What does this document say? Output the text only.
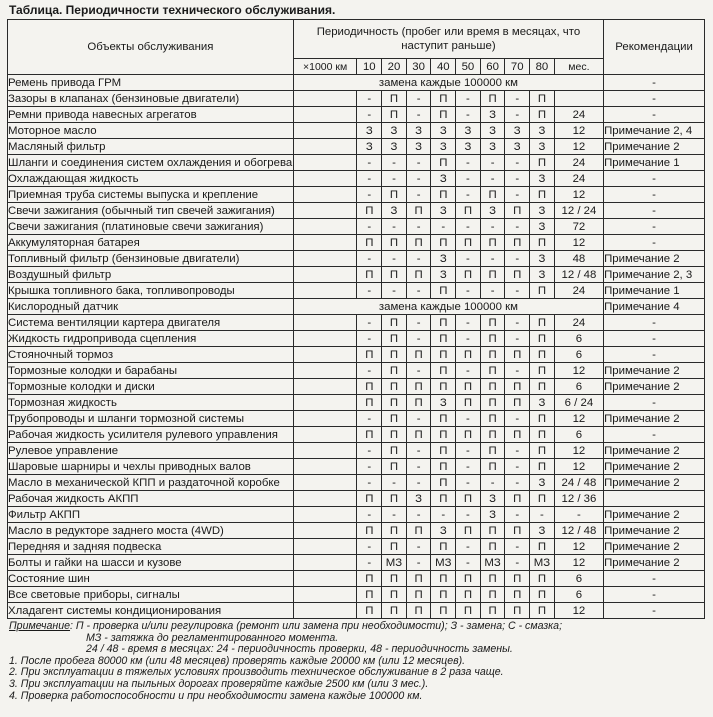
Таблица. Периодичности технического обслуживания.
Объекты обслуживания	Периодичность (пробег или время в месяцах, что наступит раньше)										Рекомендации
	×1000 км	10	20	30	40	50	60	70	80	мес.	
Ремень привода ГРМ	замена каждые 100000 км										-
Зазоры в клапанах (бензиновые двигатели)		-	П	-	П	-	П	-	П		-
Ремни привода навесных агрегатов		-	П	-	П	-	З	-	П	24	-
Моторное масло		З	З	З	З	З	З	З	З	12	Примечание 2, 4
Масляный фильтр		З	З	З	З	З	З	З	З	12	Примечание 2
Шланги и соединения систем охлаждения и обогрева		-	-	-	П	-	-	-	П	24	Примечание 1
Охлаждающая жидкость		-	-	-	З	-	-	-	З	24	-
Приемная труба системы выпуска и крепление		-	П	-	П	-	П	-	П	12	-
Свечи зажигания (обычный тип свечей зажигания)		П	З	П	З	П	З	П	З	12 / 24	-
Свечи зажигания (платиновые свечи зажигания)		-	-	-	-	-	-	-	З	72	-
Аккумуляторная батарея		П	П	П	П	П	П	П	П	12	-
Топливный фильтр (бензиновые двигатели)		-	-	-	З	-	-	-	З	48	Примечание 2
Воздушный фильтр		П	П	П	З	П	П	П	З	12 / 48	Примечание 2, 3
Крышка топливного бака, топливопроводы		-	-	-	П	-	-	-	П	24	Примечание 1
Кислородный датчик	замена каждые 100000 км										Примечание 4
Система вентиляции картера двигателя		-	П	-	П	-	П	-	П	24	-
Жидкость гидропривода сцепления		-	П	-	П	-	П	-	П	6	-
Стояночный тормоз		П	П	П	П	П	П	П	П	6	-
Тормозные колодки и барабаны		-	П	-	П	-	П	-	П	12	Примечание 2
Тормозные колодки и диски		П	П	П	П	П	П	П	П	6	Примечание 2
Тормозная жидкость		П	П	П	З	П	П	П	З	6 / 24	-
Трубопроводы и шланги тормозной системы		-	П	-	П	-	П	-	П	12	Примечание 2
Рабочая жидкость усилителя рулевого управления		П	П	П	П	П	П	П	П	6	-
Рулевое управление		-	П	-	П	-	П	-	П	12	Примечание 2
Шаровые шарниры и чехлы приводных валов		-	П	-	П	-	П	-	П	12	Примечание 2
Масло в механической КПП и раздаточной коробке		-	-	-	П	-	-	-	З	24 / 48	Примечание 2
Рабочая жидкость АКПП		П	П	З	П	П	З	П	П	12 / 36	
Фильтр АКПП		-	-	-	-	-	З	-	-	-	Примечание 2
Масло в редукторе заднего моста (4WD)		П	П	П	З	П	П	П	З	12 / 48	Примечание 2
Передняя и задняя подвеска		-	П	-	П	-	П	-	П	12	Примечание 2
Болты и гайки на шасси и кузове		-	МЗ	-	МЗ	-	МЗ	-	МЗ	12	Примечание 2
Состояние шин		П	П	П	П	П	П	П	П	6	-
Все световые приборы, сигналы		П	П	П	П	П	П	П	П	6	-
Хладагент системы кондиционирования		П	П	П	П	П	П	П	П	12	-
Примечание: П - проверка и/или регулировка (ремонт или замена при необходимости); З - замена; С - смазка;
МЗ - затяжка до регламентированного момента.
24 / 48 - время в месяцах: 24 - периодичность проверки, 48 - периодичность замены.
1. После пробега 80000 км (или 48 месяцев) проверять каждые 20000 км (или 12 месяцев).
2. При эксплуатации в тяжелых условиях производить техническое обслуживание в 2 раза чаще.
3. При эксплуатации на пыльных дорогах проверяйте каждые 2500 км (или 3 мес.).
4. Проверка работоспособности и при необходимости замена каждые 100000 км.
